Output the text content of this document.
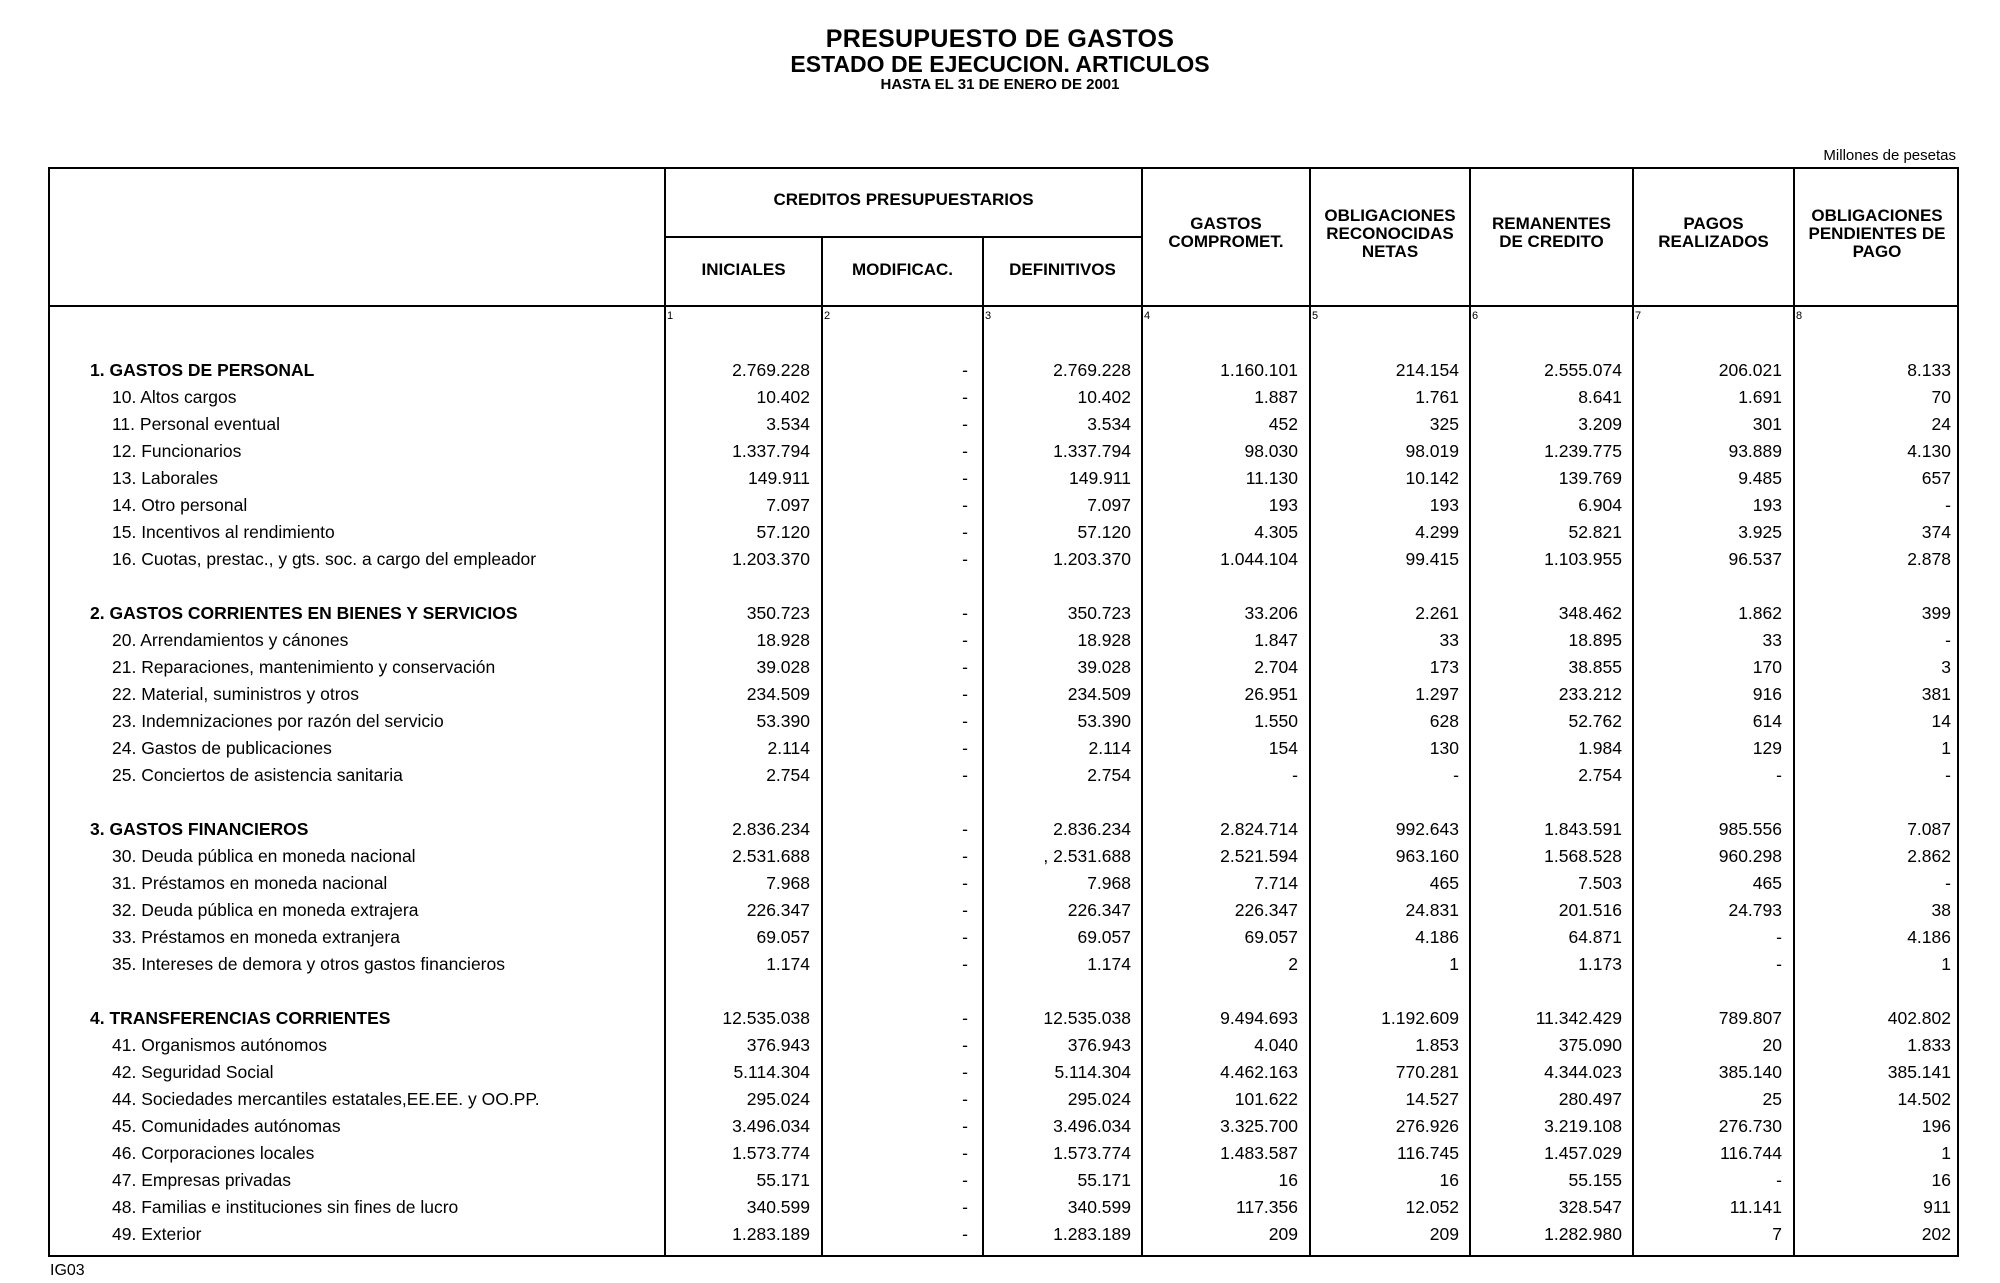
PRESUPUESTO DE GASTOS
ESTADO DE EJECUCION. ARTICULOS
HASTA EL 31 DE ENERO DE 2001
Millones de pesetas
CREDITOS PRESUPUESTARIOS
INICIALES	MODIFICAC.	DEFINITIVOS
GASTOS
COMPROMET.
OBLIGACIONES
RECONOCIDAS
NETAS
REMANENTES
DE CREDITO
PAGOS
REALIZADOS
OBLIGACIONES
PENDIENTES DE
PAGO
1	2	3	4	5	6	7	8
1. GASTOS DE PERSONAL	2.769.228	-	2.769.228	1.160.101	214.154	2.555.074	206.021	8.133
10. Altos cargos	10.402	-	10.402	1.887	1.761	8.641	1.691	70
11. Personal eventual	3.534	-	3.534	452	325	3.209	301	24
12. Funcionarios	1.337.794	-	1.337.794	98.030	98.019	1.239.775	93.889	4.130
13. Laborales	149.911	-	149.911	11.130	10.142	139.769	9.485	657
14. Otro personal	7.097	-	7.097	193	193	6.904	193	-
15. Incentivos al rendimiento	57.120	-	57.120	4.305	4.299	52.821	3.925	374
16. Cuotas, prestac., y gts. soc. a cargo del empleador	1.203.370	-	1.203.370	1.044.104	99.415	1.103.955	96.537	2.878
2. GASTOS CORRIENTES EN BIENES Y SERVICIOS	350.723	-	350.723	33.206	2.261	348.462	1.862	399
20. Arrendamientos y cánones	18.928	-	18.928	1.847	33	18.895	33	-
21. Reparaciones, mantenimiento y conservación	39.028	-	39.028	2.704	173	38.855	170	3
22. Material, suministros y otros	234.509	-	234.509	26.951	1.297	233.212	916	381
23. Indemnizaciones por razón del servicio	53.390	-	53.390	1.550	628	52.762	614	14
24. Gastos de publicaciones	2.114	-	2.114	154	130	1.984	129	1
25. Conciertos de asistencia sanitaria	2.754	-	2.754	-	-	2.754	-	-
3. GASTOS FINANCIEROS	2.836.234	-	2.836.234	2.824.714	992.643	1.843.591	985.556	7.087
30. Deuda pública en moneda nacional	2.531.688	-	, 2.531.688	2.521.594	963.160	1.568.528	960.298	2.862
31. Préstamos en moneda nacional	7.968	-	7.968	7.714	465	7.503	465	-
32. Deuda pública en moneda extrajera	226.347	-	226.347	226.347	24.831	201.516	24.793	38
33. Préstamos en moneda extranjera	69.057	-	69.057	69.057	4.186	64.871	-	4.186
35. Intereses de demora y otros gastos financieros	1.174	-	1.174	2	1	1.173	-	1
4. TRANSFERENCIAS CORRIENTES	12.535.038	-	12.535.038	9.494.693	1.192.609	11.342.429	789.807	402.802
41. Organismos autónomos	376.943	-	376.943	4.040	1.853	375.090	20	1.833
42. Seguridad Social	5.114.304	-	5.114.304	4.462.163	770.281	4.344.023	385.140	385.141
44. Sociedades mercantiles estatales,EE.EE. y OO.PP.	295.024	-	295.024	101.622	14.527	280.497	25	14.502
45. Comunidades autónomas	3.496.034	-	3.496.034	3.325.700	276.926	3.219.108	276.730	196
46. Corporaciones locales	1.573.774	-	1.573.774	1.483.587	116.745	1.457.029	116.744	1
47. Empresas privadas	55.171	-	55.171	16	16	55.155	-	16
48. Familias e instituciones sin fines de lucro	340.599	-	340.599	117.356	12.052	328.547	11.141	911
49. Exterior	1.283.189	-	1.283.189	209	209	1.282.980	7	202
IG03
